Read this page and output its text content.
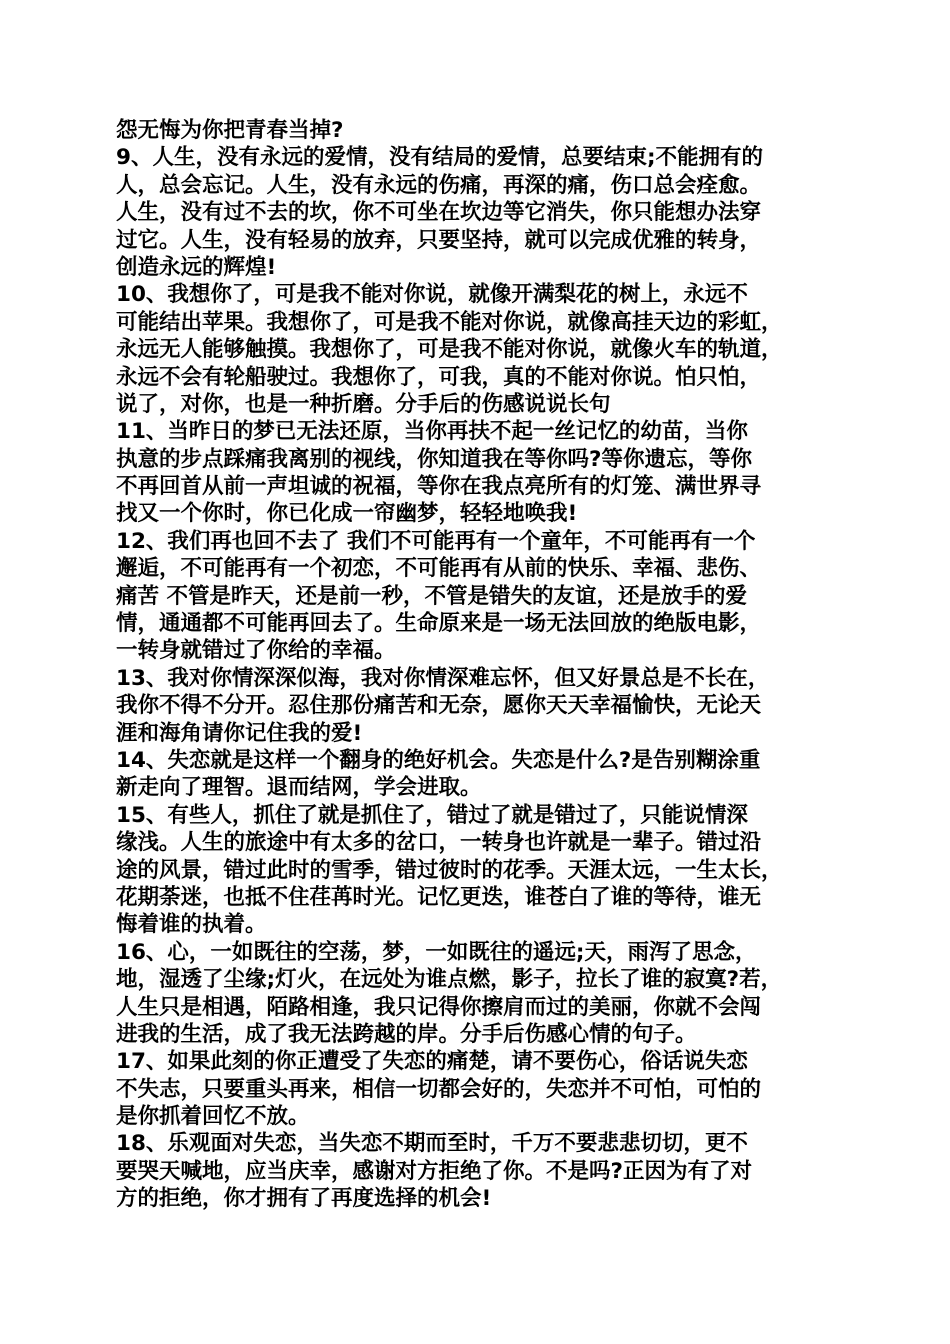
怨无悔为你把青春当掉?
9、人生，没有永远的爱情，没有结局的爱情，总要结束;不能拥有的
人，总会忘记。人生，没有永远的伤痛，再深的痛，伤口总会痊愈。
人生，没有过不去的坎，你不可坐在坎边等它消失，你只能想办法穿
过它。人生，没有轻易的放弃，只要坚持，就可以完成优雅的转身，
创造永远的辉煌!
10、我想你了，可是我不能对你说，就像开满梨花的树上，永远不
可能结出苹果。我想你了，可是我不能对你说，就像高挂天边的彩虹，
永远无人能够触摸。我想你了，可是我不能对你说，就像火车的轨道，
永远不会有轮船驶过。我想你了，可我，真的不能对你说。怕只怕，
说了，对你，也是一种折磨。分手后的伤感说说长句
11、当昨日的梦已无法还原，当你再扶不起一丝记忆的幼苗，当你
执意的步点踩痛我离别的视线，你知道我在等你吗?等你遗忘，等你
不再回首从前一声坦诚的祝福，等你在我点亮所有的灯笼、满世界寻
找又一个你时，你已化成一帘幽梦，轻轻地唤我!
12、我们再也回不去了 我们不可能再有一个童年，不可能再有一个
邂逅，不可能再有一个初恋，不可能再有从前的快乐、幸福、悲伤、
痛苦 不管是昨天，还是前一秒，不管是错失的友谊，还是放手的爱
情，通通都不可能再回去了。生命原来是一场无法回放的绝版电影，
一转身就错过了你给的幸福。
13、我对你情深深似海，我对你情深难忘怀，但又好景总是不长在，
我你不得不分开。忍住那份痛苦和无奈，愿你天天幸福愉快，无论天
涯和海角请你记住我的爱!
14、失恋就是这样一个翻身的绝好机会。失恋是什么?是告别糊涂重
新走向了理智。退而结网，学会进取。
15、有些人，抓住了就是抓住了，错过了就是错过了，只能说情深
缘浅。人生的旅途中有太多的岔口，一转身也许就是一辈子。错过沿
途的风景，错过此时的雪季，错过彼时的花季。天涯太远，一生太长，
花期荼迷，也抵不住荏苒时光。记忆更迭，谁苍白了谁的等待，谁无
悔着谁的执着。
16、心，一如既往的空荡，梦，一如既往的遥远;天，雨泻了思念，
地，湿透了尘缘;灯火，在远处为谁点燃，影子，拉长了谁的寂寞?若，
人生只是相遇，陌路相逢，我只记得你擦肩而过的美丽，你就不会闯
进我的生活，成了我无法跨越的岸。分手后伤感心情的句子。
17、如果此刻的你正遭受了失恋的痛楚，请不要伤心，俗话说失恋
不失志，只要重头再来，相信一切都会好的，失恋并不可怕，可怕的
是你抓着回忆不放。
18、乐观面对失恋，当失恋不期而至时，千万不要悲悲切切，更不
要哭天喊地，应当庆幸，感谢对方拒绝了你。不是吗?正因为有了对
方的拒绝，你才拥有了再度选择的机会!
